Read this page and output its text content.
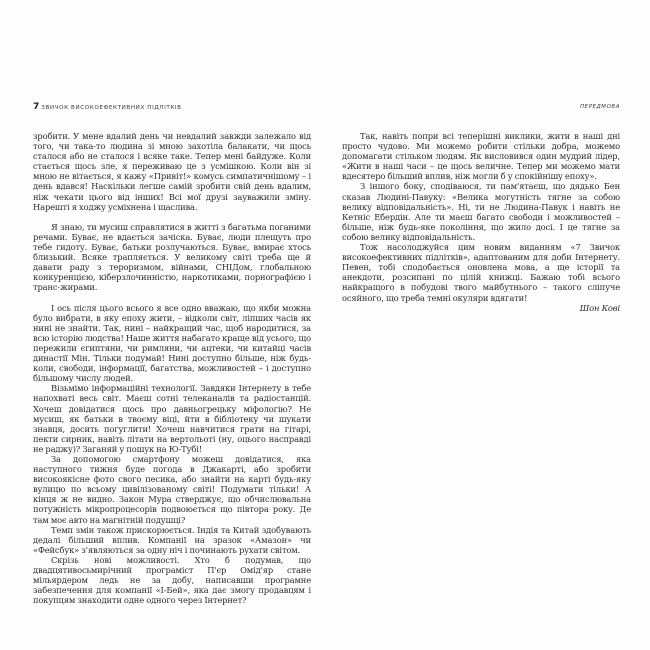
7 ЗВИЧОК ВИСОКОЕФЕКТИВНИХ ПІДЛІТКІВ

зробити. У мене вдалий день чи невдалий завжди залежало від того, чи така-то людина зі мною захотіла балакати, чи щось сталося або не сталося і всяке таке. Тепер мені байдуже. Коли стається щось зле, я переживаю це з усмішкою. Коли він зі мною не вітається, я кажу «Привіт!» комусь симпатичнішому – і день вдався! Наскільки легше самій зробити свій день вдалим, ніж чекати цього від інших! Всі мої друзі зауважили зміну. Нарешті я ходжу усміхнена і щаслива.

Я знаю, ти мусиш справлятися в житті з багатьма поганими речами. Буває, не вдається зачіска. Буває, люди плещуть про тебе гидоту. Буває, батьки розлучаються. Буває, вмирає хтось близький. Всяке трапляється. У великому світі треба ще й давати раду з тероризмом, війнами, СНІДом, глобальною конкуренцією, кіберзлочинністю, наркотиками, порнографією і транс-жирами.

І ось після цього всього я все одно вважаю, що якби можна було вибрати, в яку епоху жити, – відколи світ, ліпших часів як нині не знайти. Так, нині – найкращий час, щоб народитися, за всю історію людства! Наше життя набагато краще від усього, що пережили єгиптяни, чи римляни, чи ацтеки, чи китайці часів династії Мін. Тільки подумай! Нині доступно більше, ніж будь-коли, свободи, інформації, багатства, можливостей – і доступно більшому числу людей.

Візьмімо інформаційні технології. Завдяки Інтернету в тебе напохваті весь світ. Маєш сотні телеканалів та радіостанцій. Хочеш довідатися щось про давньогрецьку міфологію? Не мусиш, як батьки в твоєму віці, йти в бібліотеку чи шукати знавця, досить погуглити! Хочеш навчитися грати на гітарі, пекти сирник, навіть літати на вертольоті (ну, оцього насправді не раджу)? Заганяй у пошук на Ю-Тубі!

За допомогою смартфону можеш довідатися, яка наступного тижня буде погода в Джакарті, або зробити високоякісне фото свого песика, або знайти на карті будь-яку вулицю по всьому цивілізованому світі! Подумати тільки! А кінця ж не видно. Закон Мура стверджує, що обчислювальна потужність мікропроцесорів подвоюється що півтора року. Де там моє авто на магнітній подушці?

Темп змін також прискорюється. Індія та Китай здобувають дедалі більший вплив. Компанії на зразок «Амазон» чи «Фейсбук» з'являються за одну ніч і починають рухати світом.

Скрізь нові можливості. Хто б подумав, що двадцятивосьмирічний програміст П'єр Омід'яр стане мільярдером ледь не за добу, написавши програмне забезпечення для компанії «І-Бей», яка дає змогу продавцям і покупцям знаходити одне одного через Інтернет?

ПЕРЕДМОВА

Так, навіть попри всі теперішні виклики, жити в наші дні просто чудово. Ми можемо робити стільки добра, можемо допомагати стільком людям. Як висловився один мудрий лідер, «Жити в наші часи – це щось величне. Тепер ми можемо мати вдесятеро більший вплив, ніж могли б у спокійнішу епоху».

З іншого боку, сподіваюся, ти пам'ятаєш, що дядько Бен сказав Людині-Павуку: «Велика могутність тягне за собою велику відповідальність». Ні, ти не Людина-Павук і навіть не Кетніс Ебердін. Але ти маєш багато свободи і можливостей – більше, ніж будь-яке покоління, що жило досі. І це тягне за собою велику відповідальність.

Тож насолоджуйся цим новим виданням «7 Звичок високоефективних підлітків», адаптованим для доби Інтернету. Певен, тобі сподобається оновлена мова, а ще історії та анекдоти, розсипані по цілій книжці. Бажаю тобі всього найкращого в побудові твого майбутнього – такого сліпуче осяйного, що треба темні окуляри вдягати!

Шон Кові
